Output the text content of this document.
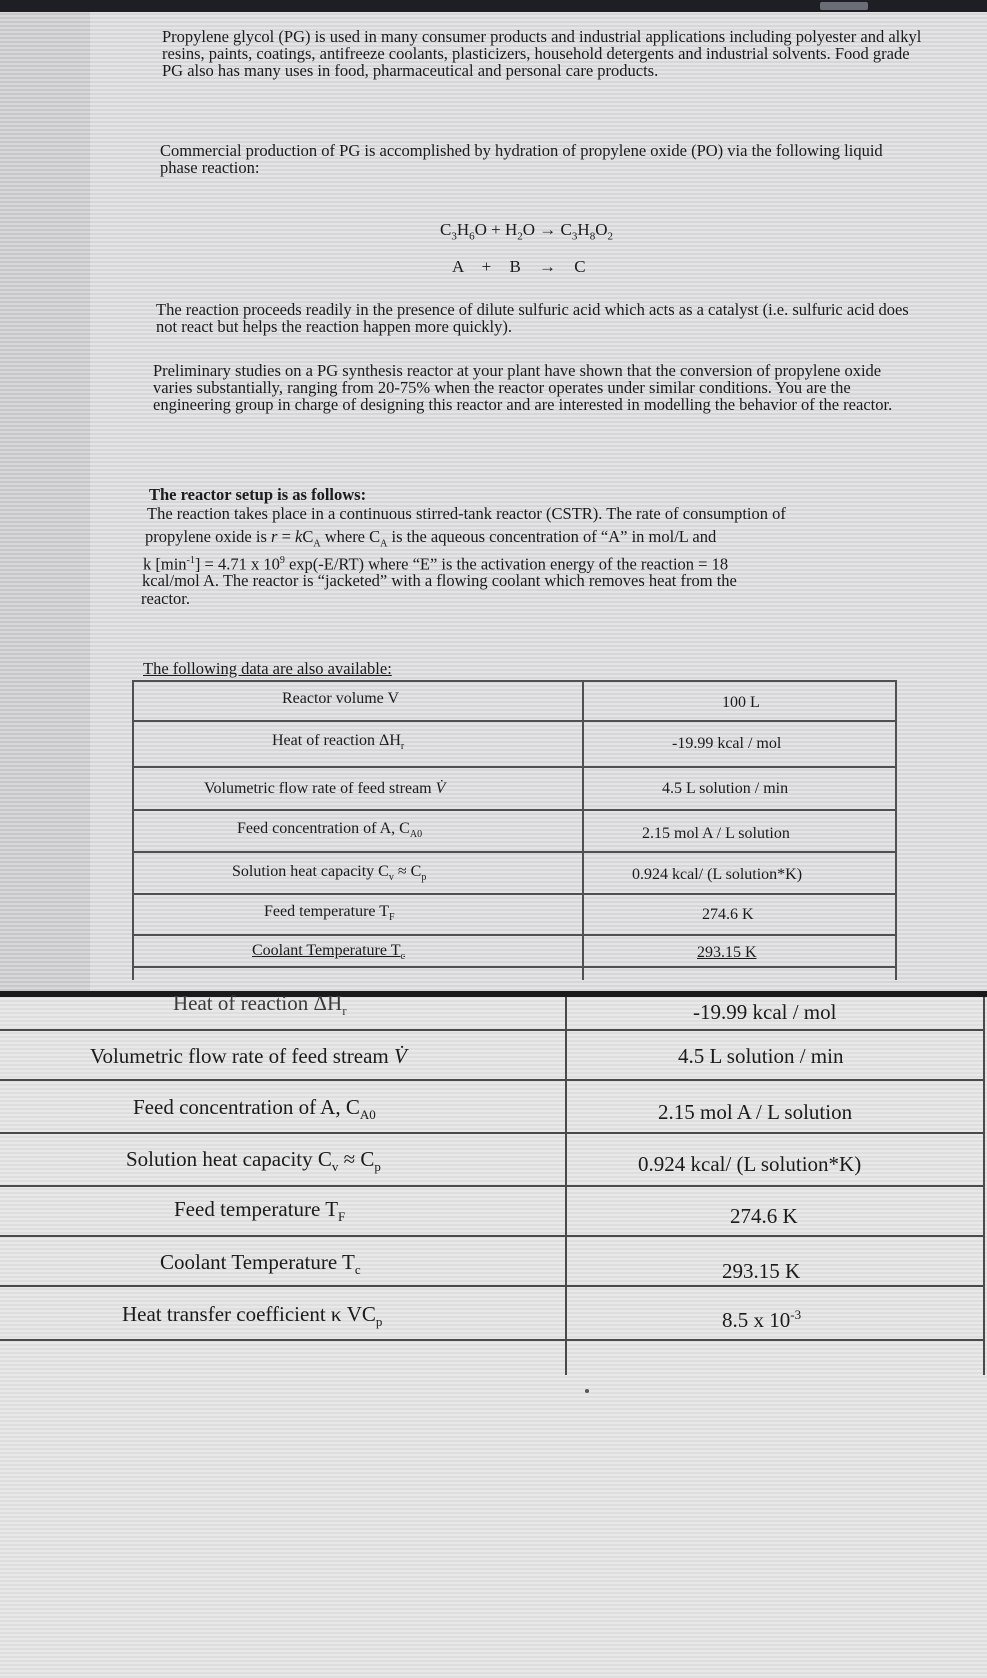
Propylene glycol (PG) is used in many consumer products and industrial applications including polyester and alkyl resins, paints, coatings, antifreeze coolants, plasticizers, household detergents and industrial solvents. Food grade PG also has many uses in food, pharmaceutical and personal care products.

Commercial production of PG is accomplished by hydration of propylene oxide (PO) via the following liquid phase reaction:

$C_3H_6O + H_2O \to C_3H_8O_2$
A + B → C

The reaction proceeds readily in the presence of dilute sulfuric acid which acts as a catalyst (i.e. sulfuric acid does not react but helps the reaction happen more quickly).

Preliminary studies on a PG synthesis reactor at your plant have shown that the conversion of propylene oxide varies substantially, ranging from 20-75% when the reactor operates under similar conditions. You are the engineering group in charge of designing this reactor and are interested in modelling the behavior of the reactor.

The reactor setup is as follows:

The reaction takes place in a continuous stirred-tank reactor (CSTR). The rate of consumption of

propylene oxide is $r = kC_A$ where $C_A$ is the aqueous concentration of “A” in mol/L and

k $[\min^{-1}] = 4.71$ x $10^9$ exp(-E/RT) where “E” is the activation energy of the reaction = 18

kcal/mol A. The reactor is “jacketed” with a flowing coolant which removes heat from the

reactor.

The following data are also available:

Reactor volume V
Heat of reaction $\Delta H_r$
Volumetric flow rate of feed stream V̇
Feed concentration of A, $C_{A0}$
Solution heat capacity $C_v \approx C_p$
Feed temperature $T_F$
Coolant Temperature $T_c$
100 L
-19.99 kcal / mol
4.5 L solution / min
2.15 mol A / L solution
0.924 kcal/ (L solution*K)
274.6 K
293.15 K
Heat of reaction $\Delta H_r$
Volumetric flow rate of feed stream V̇
Feed concentration of A, $C_{A0}$
Solution heat capacity $C_v \approx C_p$
Feed temperature $T_F$
Coolant Temperature $T_c$
Heat transfer coefficient κ $VC_p$
-19.99 kcal / mol
4.5 L solution / min
2.15 mol A / L solution
0.924 kcal/ (L solution*K)
274.6 K
293.15 K
8.5 x $10^{-3}$
